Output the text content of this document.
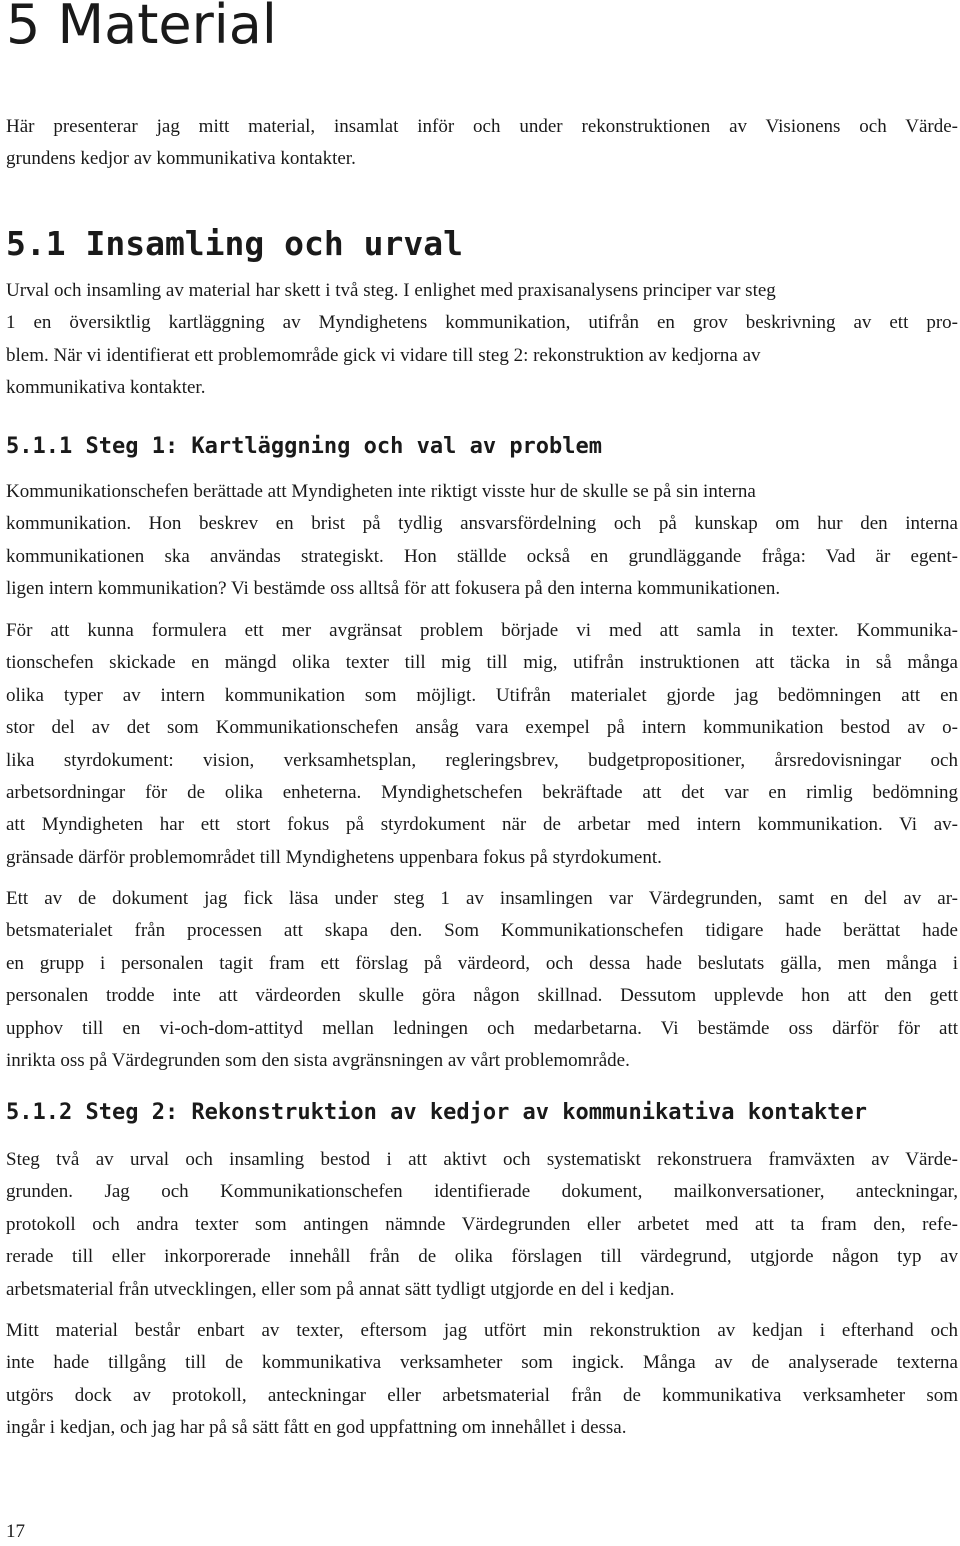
5 Material

Här presenterar jag mitt material, insamlat inför och under rekonstruktionen av Visionens och Värde-
grundens kedjor av kommunikativa kontakter.

5.1 Insamling och urval

Urval och insamling av material har skett i två steg. I enlighet med praxisanalysens principer var steg
1 en översiktlig kartläggning av Myndighetens kommunikation, utifrån en grov beskrivning av ett pro-
blem. När vi identifierat ett problemområde gick vi vidare till steg 2: rekonstruktion av kedjorna av
kommunikativa kontakter.

5.1.1 Steg 1: Kartläggning och val av problem

Kommunikationschefen berättade att Myndigheten inte riktigt visste hur de skulle se på sin interna
kommunikation. Hon beskrev en brist på tydlig ansvarsfördelning och på kunskap om hur den interna
kommunikationen ska användas strategiskt. Hon ställde också en grundläggande fråga: Vad är egent-
ligen intern kommunikation? Vi bestämde oss alltså för att fokusera på den interna kommunikationen.

För att kunna formulera ett mer avgränsat problem började vi med att samla in texter. Kommunika-
tionschefen skickade en mängd olika texter till mig till mig, utifrån instruktionen att täcka in så många
olika typer av intern kommunikation som möjligt. Utifrån materialet gjorde jag bedömningen att en
stor del av det som Kommunikationschefen ansåg vara exempel på intern kommunikation bestod av o-
lika styrdokument: vision, verksamhetsplan, regleringsbrev, budgetpropositioner, årsredovisningar och
arbetsordningar för de olika enheterna. Myndighetschefen bekräftade att det var en rimlig bedömning
att Myndigheten har ett stort fokus på styrdokument när de arbetar med intern kommunikation. Vi av-
gränsade därför problemområdet till Myndighetens uppenbara fokus på styrdokument.

Ett av de dokument jag fick läsa under steg 1 av insamlingen var Värdegrunden, samt en del av ar-
betsmaterialet från processen att skapa den. Som Kommunikationschefen tidigare hade berättat hade
en grupp i personalen tagit fram ett förslag på värdeord, och dessa hade beslutats gälla, men många i
personalen trodde inte att värdeorden skulle göra någon skillnad. Dessutom upplevde hon att den gett
upphov till en vi-och-dom-attityd mellan ledningen och medarbetarna. Vi bestämde oss därför för att
inrikta oss på Värdegrunden som den sista avgränsningen av vårt problemområde.

5.1.2 Steg 2: Rekonstruktion av kedjor av kommunikativa kontakter

Steg två av urval och insamling bestod i att aktivt och systematiskt rekonstruera framväxten av Värde-
grunden. Jag och Kommunikationschefen identifierade dokument, mailkonversationer, anteckningar,
protokoll och andra texter som antingen nämnde Värdegrunden eller arbetet med att ta fram den, refe-
rerade till eller inkorporerade innehåll från de olika förslagen till värdegrund, utgjorde någon typ av
arbetsmaterial från utvecklingen, eller som på annat sätt tydligt utgjorde en del i kedjan.

Mitt material består enbart av texter, eftersom jag utfört min rekonstruktion av kedjan i efterhand och
inte hade tillgång till de kommunikativa verksamheter som ingick. Många av de analyserade texterna
utgörs dock av protokoll, anteckningar eller arbetsmaterial från de kommunikativa verksamheter som
ingår i kedjan, och jag har på så sätt fått en god uppfattning om innehållet i dessa.

17
